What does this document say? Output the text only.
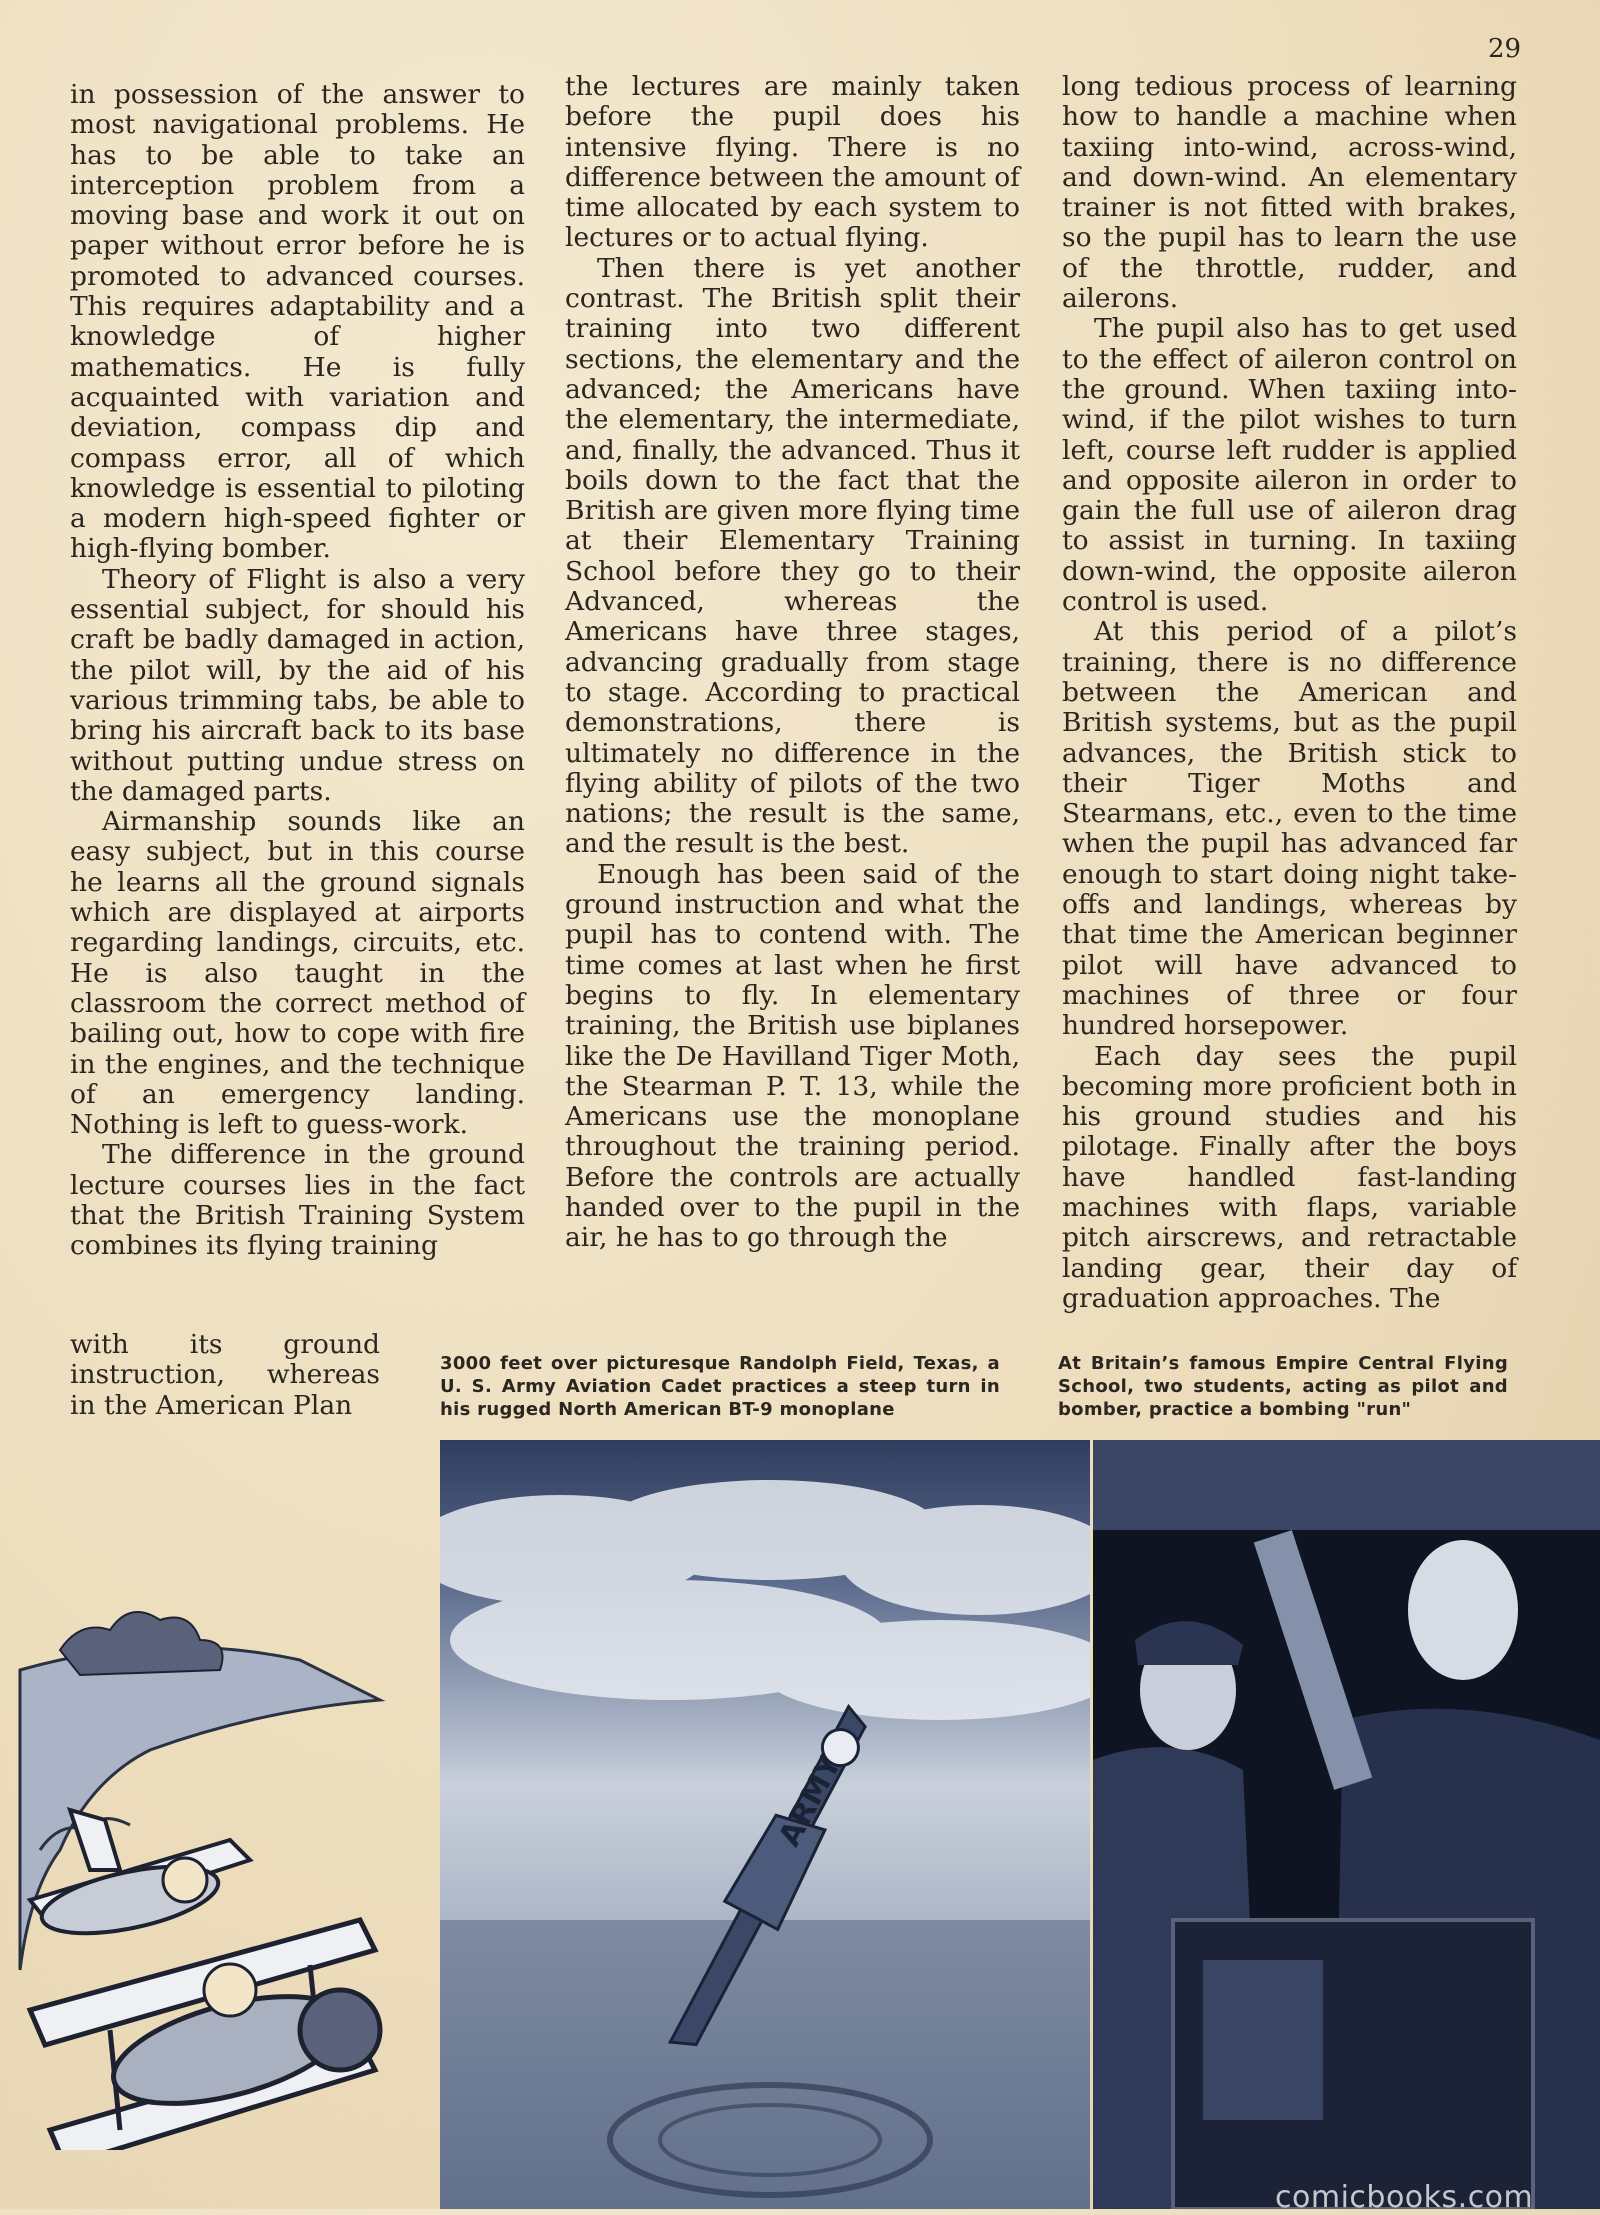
29

in possession of the answer to most navigational problems. He has to be able to take an interception problem from a moving base and work it out on paper without error before he is promoted to advanced courses. This requires adaptability and a knowledge of higher mathematics. He is fully acquainted with variation and deviation, compass dip and compass error, all of which knowledge is essential to piloting a modern high-speed fighter or high-flying bomber.

Theory of Flight is also a very essential subject, for should his craft be badly damaged in action, the pilot will, by the aid of his various trimming tabs, be able to bring his aircraft back to its base without putting undue stress on the damaged parts.

Airmanship sounds like an easy subject, but in this course he learns all the ground signals which are displayed at airports regarding landings, circuits, etc. He is also taught in the classroom the correct method of bailing out, how to cope with fire in the engines, and the technique of an emergency landing. Nothing is left to guess-work.

The difference in the ground lecture courses lies in the fact that the British Training System combines its flying training

with its ground instruction, whereas in the American Plan

the lectures are mainly taken before the pupil does his intensive flying. There is no difference between the amount of time allocated by each system to lectures or to actual flying.

Then there is yet another contrast. The British split their training into two different sections, the elementary and the advanced; the Americans have the elementary, the intermediate, and, finally, the advanced. Thus it boils down to the fact that the British are given more flying time at their Elementary Training School before they go to their Advanced, whereas the Americans have three stages, advancing gradually from stage to stage. According to practical demonstrations, there is ultimately no difference in the flying ability of pilots of the two nations; the result is the same, and the result is the best.

Enough has been said of the ground instruction and what the pupil has to contend with. The time comes at last when he first begins to fly. In elementary training, the British use biplanes like the De Havilland Tiger Moth, the Stearman P. T. 13, while the Americans use the monoplane throughout the training period. Before the controls are actually handed over to the pupil in the air, he has to go through the

long tedious process of learning how to handle a machine when taxiing into-wind, across-wind, and down-wind. An elementary trainer is not fitted with brakes, so the pupil has to learn the use of the throttle, rudder, and ailerons.

The pupil also has to get used to the effect of aileron control on the ground. When taxiing into-wind, if the pilot wishes to turn left, course left rudder is applied and opposite aileron in order to gain the full use of aileron drag to assist in turning. In taxiing down-wind, the opposite aileron control is used.

At this period of a pilot’s training, there is no difference between the American and British systems, but as the pupil advances, the British stick to their Tiger Moths and Stearmans, etc., even to the time when the pupil has advanced far enough to start doing night take-offs and landings, whereas by that time the American beginner pilot will have advanced to machines of three or four hundred horsepower.

Each day sees the pupil becoming more proficient both in his ground studies and his pilotage. Finally after the boys have handled fast-landing machines with flaps, variable pitch airscrews, and retractable landing gear, their day of graduation approaches. The

3000 feet over picturesque Randolph Field, Texas, a U. S. Army Aviation Cadet practices a steep turn in his rugged North American BT-9 monoplane
At Britain’s famous Empire Central Flying School, two students, acting as pilot and bomber, practice a bombing "run"
ARMY
comicbooks.com
